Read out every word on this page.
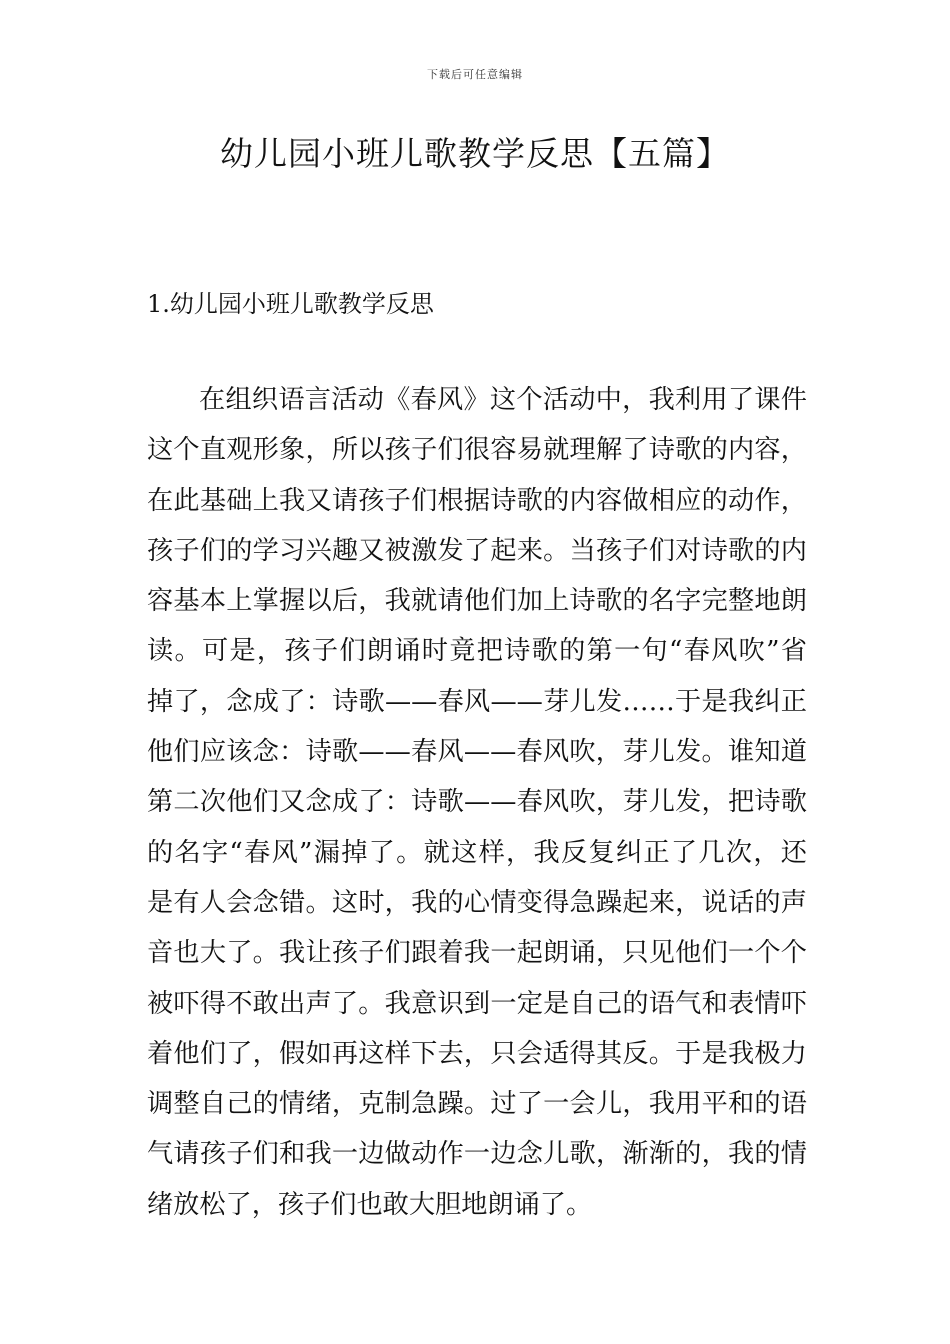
下载后可任意编辑
幼儿园小班儿歌教学反思【五篇】
1.幼儿园小班儿歌教学反思
在组织语言活动《春风》这个活动中，我利用了课件
这个直观形象，所以孩子们很容易就理解了诗歌的内容，
在此基础上我又请孩子们根据诗歌的内容做相应的动作，
孩子们的学习兴趣又被激发了起来。当孩子们对诗歌的内
容基本上掌握以后，我就请他们加上诗歌的名字完整地朗
读。可是，孩子们朗诵时竟把诗歌的第一句“春风吹”省
掉了，念成了：诗歌——春风——芽儿发……于是我纠正
他们应该念：诗歌——春风——春风吹，芽儿发。谁知道
第二次他们又念成了：诗歌——春风吹，芽儿发，把诗歌
的名字“春风”漏掉了。就这样，我反复纠正了几次，还
是有人会念错。这时，我的心情变得急躁起来，说话的声
音也大了。我让孩子们跟着我一起朗诵，只见他们一个个
被吓得不敢出声了。我意识到一定是自己的语气和表情吓
着他们了，假如再这样下去，只会适得其反。于是我极力
调整自己的情绪，克制急躁。过了一会儿，我用平和的语
气请孩子们和我一边做动作一边念儿歌，渐渐的，我的情
绪放松了，孩子们也敢大胆地朗诵了。
